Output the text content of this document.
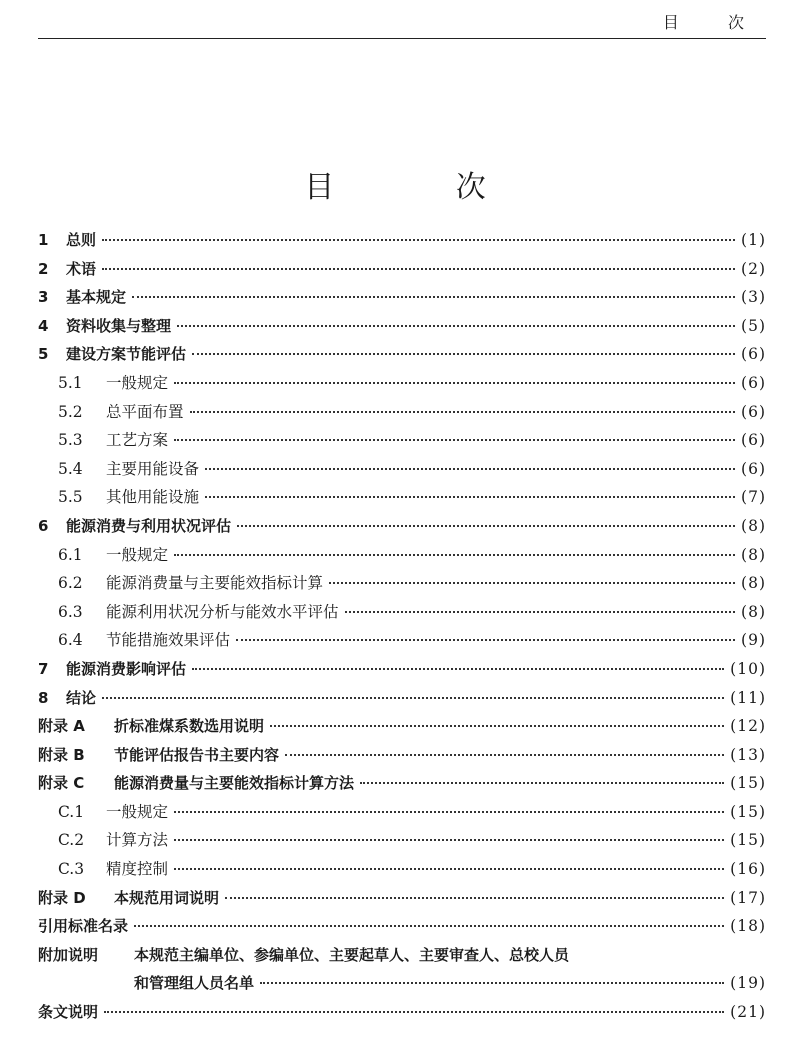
目 次
目 次
1	总则	(1)
2	术语	(2)
3	基本规定	(3)
4	资料收集与整理	(5)
5	建设方案节能评估	(6)
5.1	一般规定	(6)
5.2	总平面布置	(6)
5.3	工艺方案	(6)
5.4	主要用能设备	(6)
5.5	其他用能设施	(7)
6	能源消费与利用状况评估	(8)
6.1	一般规定	(8)
6.2	能源消费量与主要能效指标计算	(8)
6.3	能源利用状况分析与能效水平评估	(8)
6.4	节能措施效果评估	(9)
7	能源消费影响评估	(10)
8	结论	(11)
附录 A	折标准煤系数选用说明	(12)
附录 B	节能评估报告书主要内容	(13)
附录 C	能源消费量与主要能效指标计算方法	(15)
C.1	一般规定	(15)
C.2	计算方法	(15)
C.3	精度控制	(16)
附录 D	本规范用词说明	(17)
引用标准名录	(18)
附加说明	本规范主编单位、参编单位、主要起草人、主要审查人、总校人员
和管理组人员名单	(19)
条文说明	(21)
